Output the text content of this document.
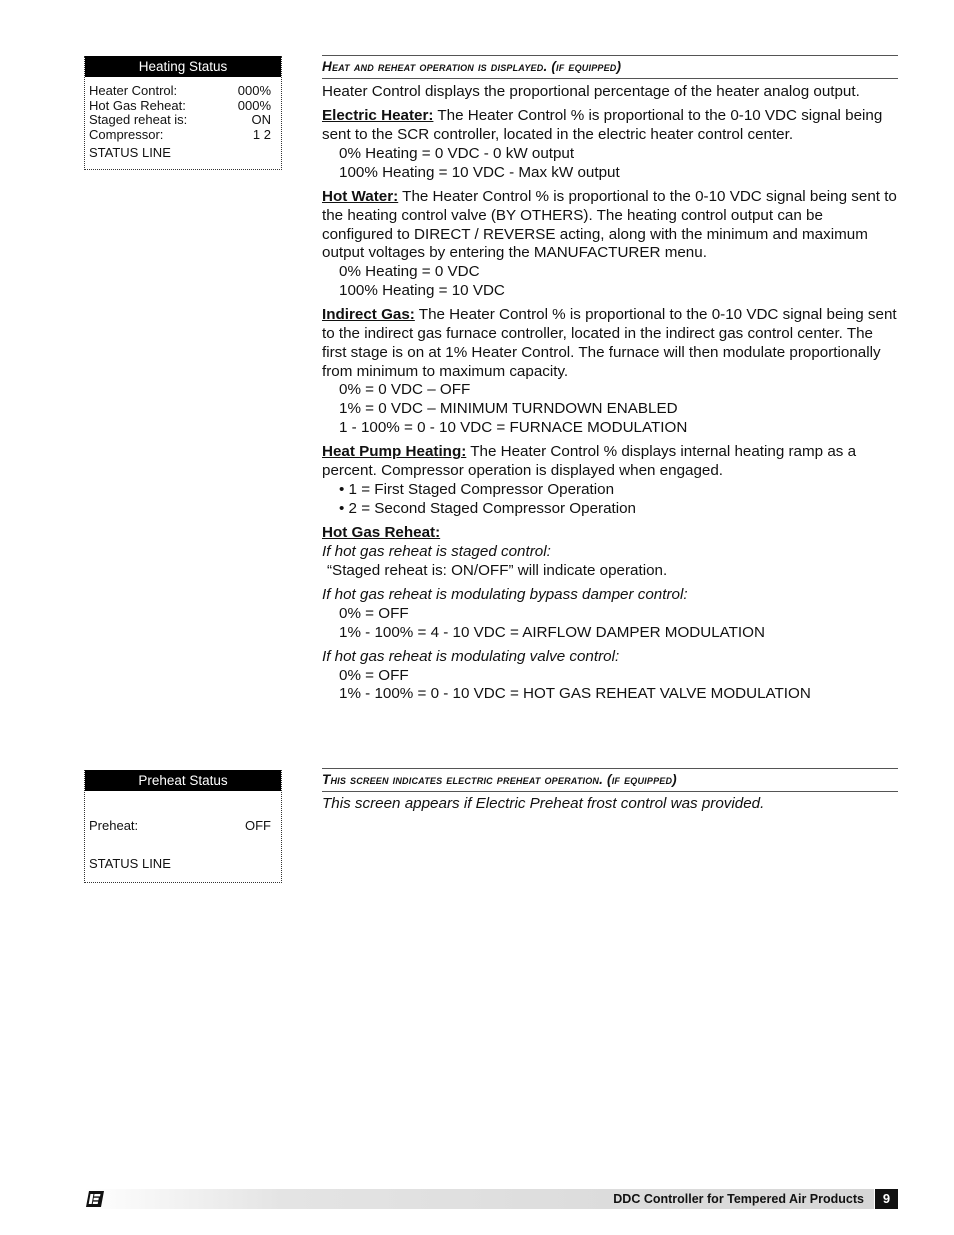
Heating Status
Heater Control:	000%
Hot Gas Reheat:	000%
Staged reheat is:	ON
Compressor:	1 2
STATUS LINE
Heat and reheat operation is displayed. (if equipped)
Heater Control displays the proportional percentage of the heater analog output.
Electric Heater: The Heater Control % is proportional to the 0-10 VDC signal being sent to the SCR controller, located in the electric heater control center.
0% Heating = 0 VDC - 0 kW output
100% Heating = 10 VDC - Max kW output
Hot Water: The Heater Control % is proportional to the 0-10 VDC signal being sent to the heating control valve (BY OTHERS). The heating control output can be configured to DIRECT / REVERSE acting, along with the minimum and maximum output voltages by entering the MANUFACTURER menu.
0% Heating = 0 VDC
100% Heating = 10 VDC
Indirect Gas: The Heater Control % is proportional to the 0-10 VDC signal being sent to the indirect gas furnace controller, located in the indirect gas control center. The first stage is on at 1% Heater Control. The furnace will then modulate proportionally from minimum to maximum capacity.
0% = 0 VDC – OFF
1% = 0 VDC – MINIMUM TURNDOWN ENABLED
1 - 100% = 0 - 10 VDC = FURNACE MODULATION
Heat Pump Heating: The Heater Control % displays internal heating ramp as a percent. Compressor operation is displayed when engaged.
• 1 = First Staged Compressor Operation
• 2 = Second Staged Compressor Operation
Hot Gas Reheat:
If hot gas reheat is staged control:
“Staged reheat is: ON/OFF” will indicate operation.
If hot gas reheat is modulating bypass damper control:
0% = OFF
1% - 100% = 4 - 10 VDC = AIRFLOW DAMPER MODULATION
If hot gas reheat is modulating valve control:
0% = OFF
1% - 100% = 0 - 10 VDC = HOT GAS REHEAT VALVE MODULATION
Preheat Status
Preheat:	OFF
STATUS LINE
This screen indicates electric preheat operation. (if equipped)
This screen appears if Electric Preheat frost control was provided.
DDC Controller for Tempered Air Products	9
